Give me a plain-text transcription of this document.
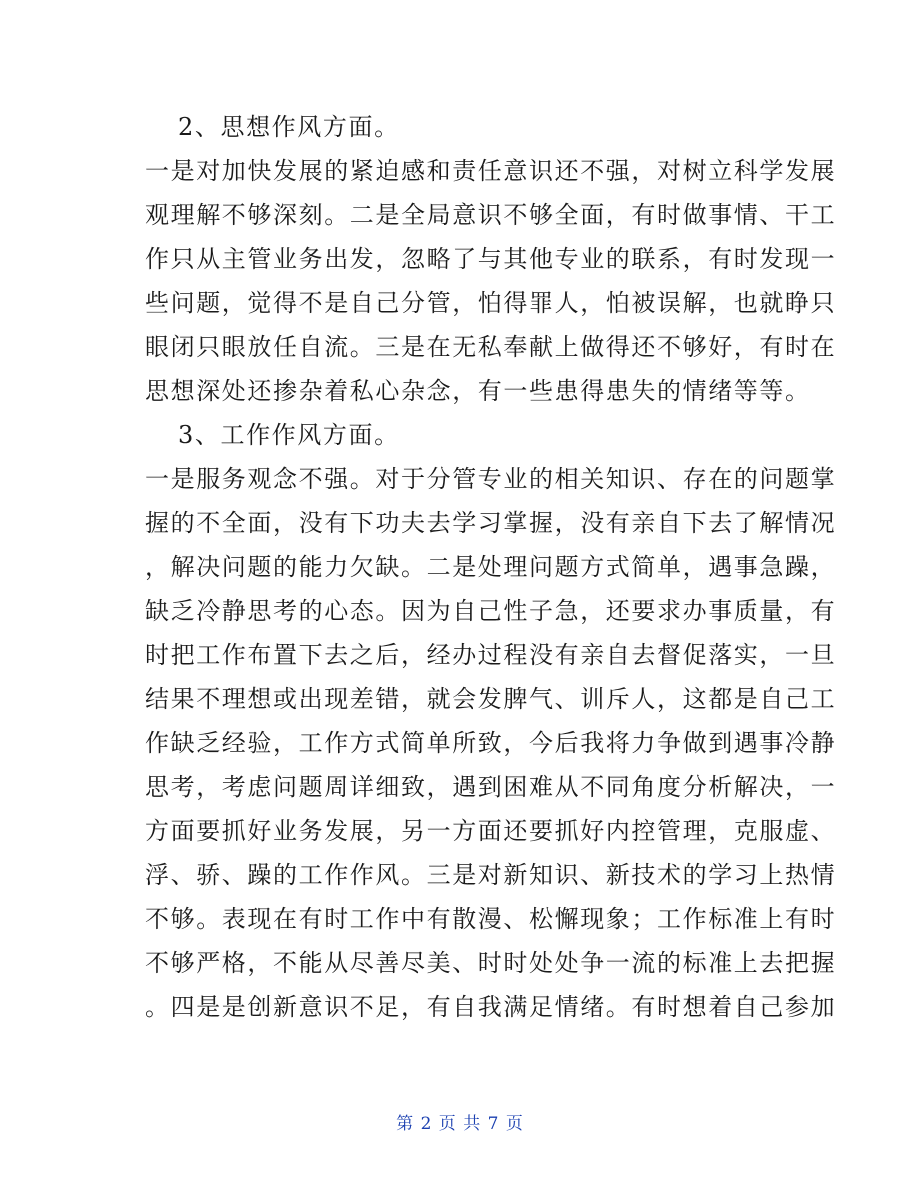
2、思想作风方面。
一是对加快发展的紧迫感和责任意识还不强，对树立科学发展
观理解不够深刻。二是全局意识不够全面，有时做事情、干工
作只从主管业务出发，忽略了与其他专业的联系，有时发现一
些问题，觉得不是自己分管，怕得罪人，怕被误解，也就睁只
眼闭只眼放任自流。三是在无私奉献上做得还不够好，有时在
思想深处还掺杂着私心杂念，有一些患得患失的情绪等等。
3、工作作风方面。
一是服务观念不强。对于分管专业的相关知识、存在的问题掌
握的不全面，没有下功夫去学习掌握，没有亲自下去了解情况
，解决问题的能力欠缺。二是处理问题方式简单，遇事急躁，
缺乏冷静思考的心态。因为自己性子急，还要求办事质量，有
时把工作布置下去之后，经办过程没有亲自去督促落实，一旦
结果不理想或出现差错，就会发脾气、训斥人，这都是自己工
作缺乏经验，工作方式简单所致，今后我将力争做到遇事冷静
思考，考虑问题周详细致，遇到困难从不同角度分析解决，一
方面要抓好业务发展，另一方面还要抓好内控管理，克服虚、
浮、骄、躁的工作作风。三是对新知识、新技术的学习上热情
不够。表现在有时工作中有散漫、松懈现象；工作标准上有时
不够严格，不能从尽善尽美、时时处处争一流的标准上去把握
。四是是创新意识不足，有自我满足情绪。有时想着自己参加
第 2 页 共 7 页
